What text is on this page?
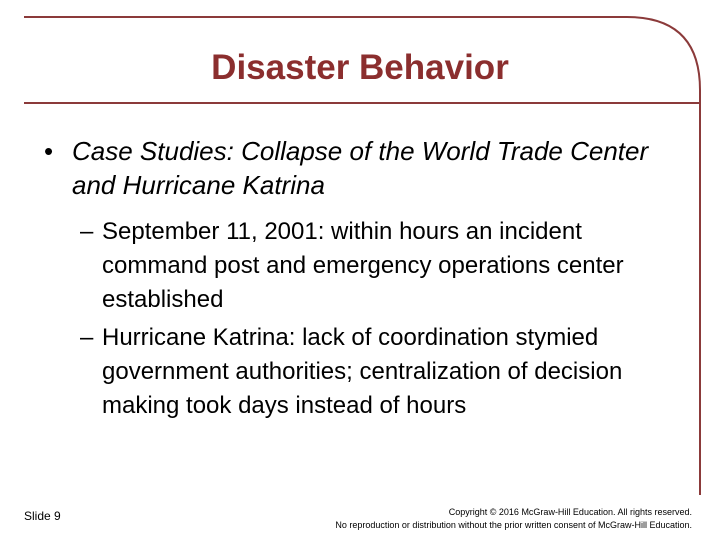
Disaster Behavior
• Case Studies: Collapse of the World Trade Center and Hurricane Katrina
– September 11, 2001: within hours an incident command post and emergency operations center established
– Hurricane Katrina: lack of coordination stymied government authorities; centralization of decision making took days instead of hours
Slide 9	Copyright © 2016 McGraw-Hill Education. All rights reserved.
No reproduction or distribution without the prior written consent of McGraw-Hill Education.
